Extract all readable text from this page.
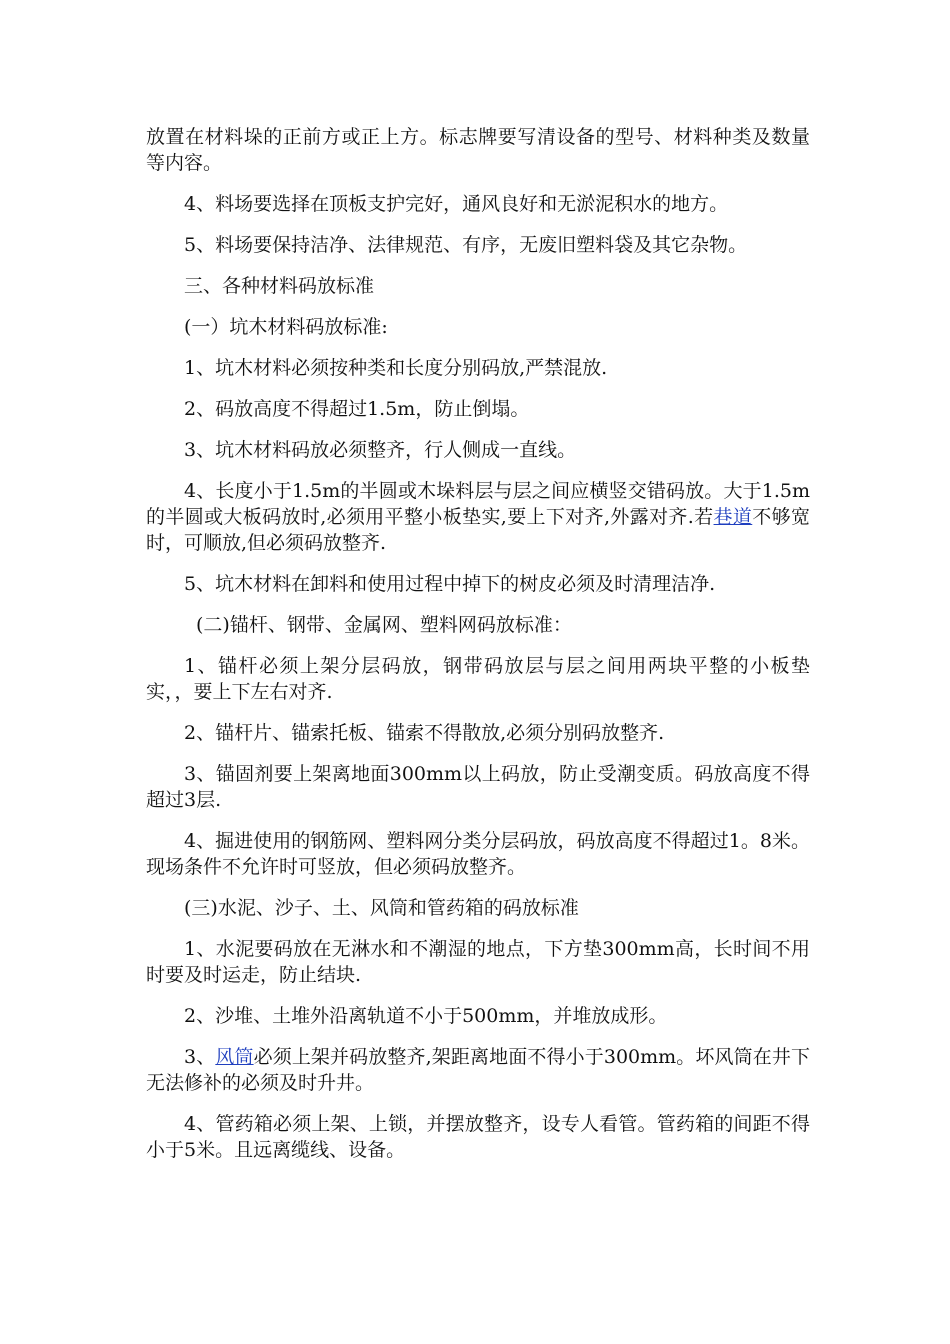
放置在材料垛的正前方或正上方。标志牌要写清设备的型号、材料种类及数量等内容。

4、料场要选择在顶板支护完好，通风良好和无淤泥积水的地方。

5、料场要保持洁净、法律规范、有序，无废旧塑料袋及其它杂物。

三、各种材料码放标准

(一）坑木材料码放标准:

1、坑木材料必须按种类和长度分别码放,严禁混放.

2、码放高度不得超过1.5m，防止倒塌。

3、坑木材料码放必须整齐，行人侧成一直线。

4、长度小于1.5m的半圆或木垛料层与层之间应横竖交错码放。大于1.5m的半圆或大板码放时,必须用平整小板垫实,要上下对齐,外露对齐.若巷道不够宽时，可顺放,但必须码放整齐.

5、坑木材料在卸料和使用过程中掉下的树皮必须及时清理洁净.

(二)锚杆、钢带、金属网、塑料网码放标准：

1、锚杆必须上架分层码放，钢带码放层与层之间用两块平整的小板垫实，，要上下左右对齐.

2、锚杆片、锚索托板、锚索不得散放,必须分别码放整齐.

3、锚固剂要上架离地面300mm以上码放，防止受潮变质。码放高度不得超过3层.

4、掘进使用的钢筋网、塑料网分类分层码放，码放高度不得超过1。8米。现场条件不允许时可竖放，但必须码放整齐。

(三)水泥、沙子、土、风筒和管药箱的码放标准

1、水泥要码放在无淋水和不潮湿的地点，下方垫300mm高，长时间不用时要及时运走，防止结块.

2、沙堆、土堆外沿离轨道不小于500mm，并堆放成形。

3、风筒必须上架并码放整齐,架距离地面不得小于300mm。坏风筒在井下无法修补的必须及时升井。

4、管药箱必须上架、上锁，并摆放整齐，设专人看管。管药箱的间距不得小于5米。且远离缆线、设备。
